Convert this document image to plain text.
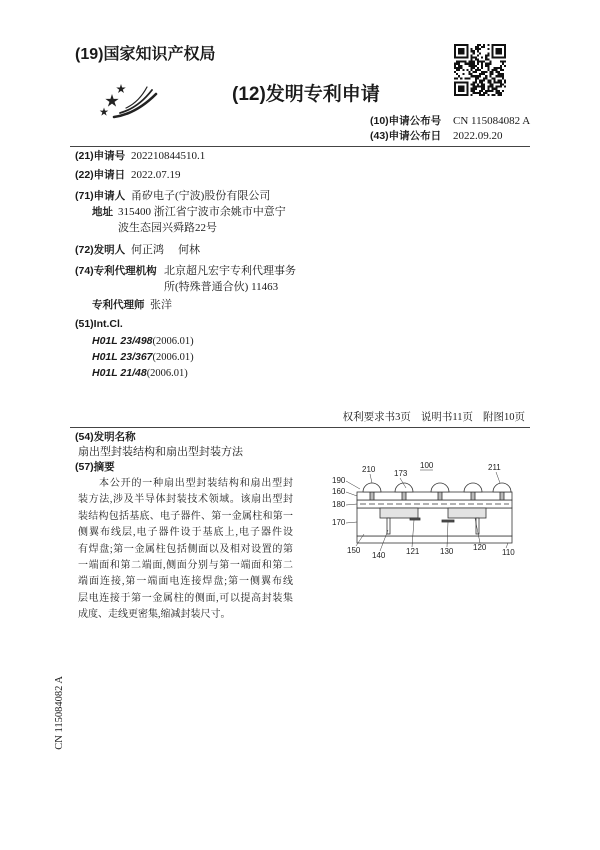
(19)国家知识产权局
(12)发明专利申请
(10)申请公布号 CN 115084082 A
(43)申请公布日 2022.09.20
(21)申请号 202210844510.1
(22)申请日 2022.07.19
(71)申请人 甬矽电子(宁波)股份有限公司
地址 315400 浙江省宁波市余姚市中意宁
波生态园兴舜路22号
(72)发明人 何正鸿 何林
(74)专利代理机构 北京超凡宏宇专利代理事务
所(特殊普通合伙) 11463
专利代理师 张洋
(51)Int.Cl.
H01L 23/498(2006.01)
H01L 23/367(2006.01)
H01L 21/48(2006.01)
权利要求书3页 说明书11页 附图10页
(54)发明名称
扇出型封装结构和扇出型封装方法
(57)摘要
本公开的一种扇出型封装结构和扇出型封
装方法,涉及半导体封装技术领域。该扇出型封
装结构包括基底、电子器件、第一金属柱和第一
侧翼布线层,电子器件设于基底上,电子器件设
有焊盘;第一金属柱包括侧面以及相对设置的第
一端面和第二端面,侧面分别与第一端面和第二
端面连接,第一端面电连接焊盘;第一侧翼布线
层电连接于第一金属柱的侧面,可以提高封装集
成度、走线更密集,缩减封装尺寸。
210 173
100	211
190
160
180
170
150
140	121	130 120
110
CN 115084082 A
